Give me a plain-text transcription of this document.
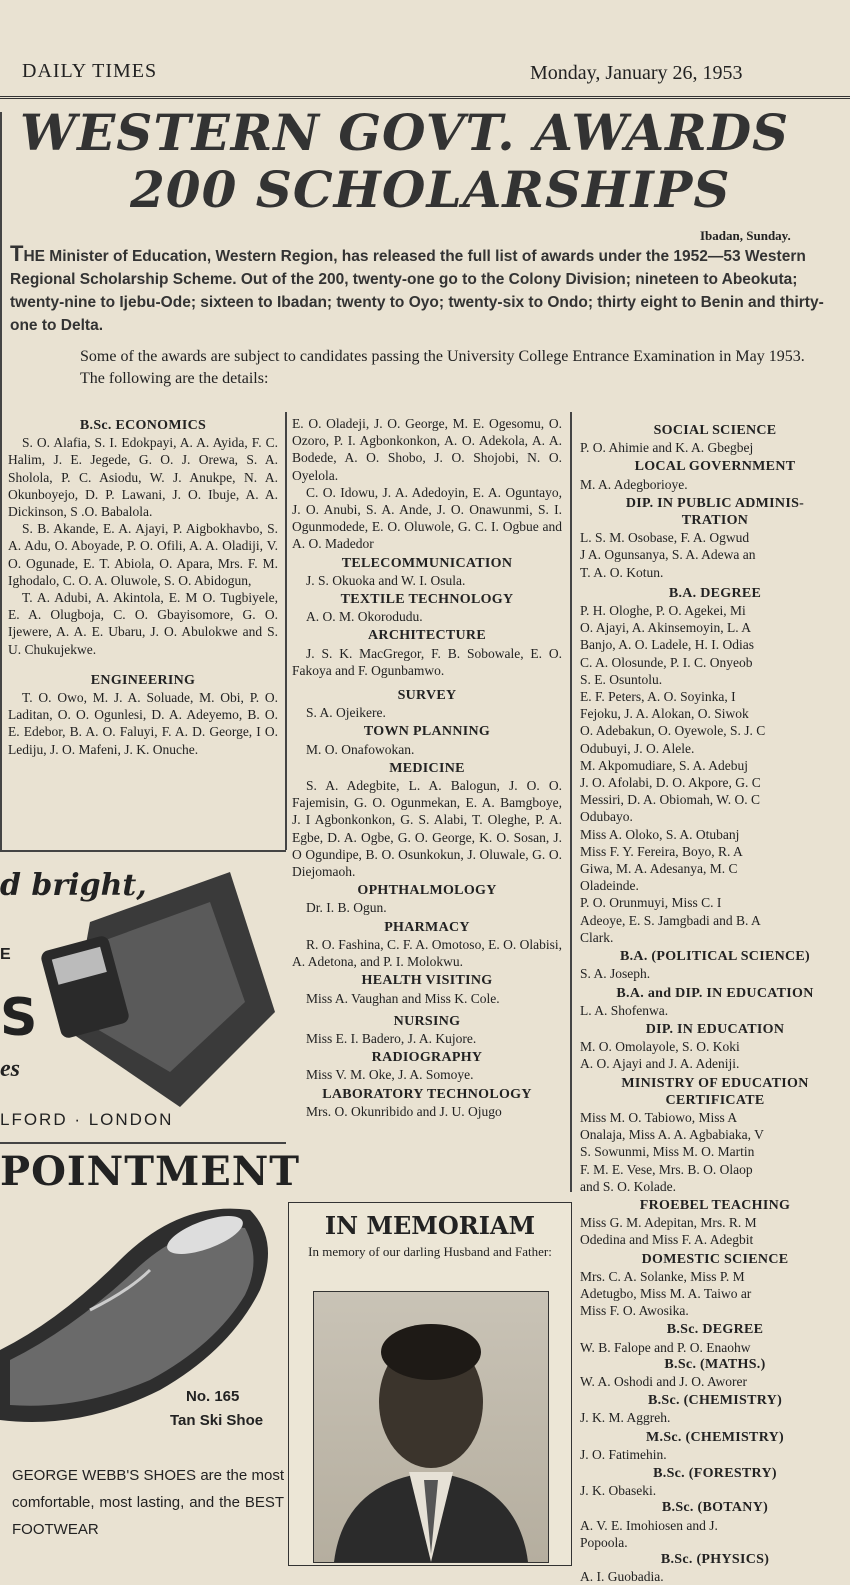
DAILY TIMES	Monday, January 26, 1953
WESTERN GOVT. AWARDS
200 SCHOLARSHIPS
Ibadan, Sunday.
THE Minister of Education, Western Region, has released the full list of awards under the 1952—53 Western Regional Scholarship Scheme. Out of the 200, twenty-one go to the Colony Division; nineteen to Abeokuta; twenty-nine to Ijebu-Ode; sixteen to Ibadan; twenty to Oyo; twenty-six to Ondo; thirty eight to Benin and thirty-one to Delta.
Some of the awards are subject to candidates passing the University College Entrance Examination in May 1953.
The following are the details:
B.Sc. ECONOMICS

S. O. Alafia, S. I. Edokpayi, A. A. Ayida, F. C. Halim, J. E. Jegede, G. O. J. Orewa, S. A. Sholola, P. C. Asiodu, W. J. Anukpe, N. A. Okunboyejo, D. P. Lawani, J. O. Ibuje, A. A. Dickinson, S .O. Babalola.

S. B. Akande, E. A. Ajayi, P. Aigbokhavbo, S. A. Adu, O. Aboyade, P. O. Ofili, A. A. Oladiji, V. O. Ogunade, E. T. Abiola, O. Apara, Mrs. F. M. Ighodalo, C. O. A. Oluwole, S. O. Abidogun,

T. A. Adubi, A. Akintola, E. M O. Tugbiyele, E. A. Olugboja, C. O. Gbayisomore, G. O. Ijewere, A. A. E. Ubaru, J. O. Abulokwe and S. U. Chukujekwe.

ENGINEERING

T. O. Owo, M. J. A. Soluade, M. Obi, P. O. Laditan, O. O. Ogunlesi, D. A. Adeyemo, B. O. E. Edebor, B. A. O. Faluyi, F. A. D. George, I O. Lediju, J. O. Mafeni, J. K. Onuche.

E. O. Oladeji, J. O. George, M. E. Ogesomu, O. Ozoro, P. I. Agbonkonkon, A. O. Adekola, A. A. Bodede, A. O. Shobo, J. O. Shojobi, N. O. Oyelola.

C. O. Idowu, J. A. Adedoyin, E. A. Oguntayo, J. O. Anubi, S. A. Ande, J. O. Onawunmi, S. I. Ogunmodede, E. O. Oluwole, G. C. I. Ogbue and A. O. Madedor

TELECOMMUNICATION

J. S. Okuoka and W. I. Osula.

TEXTILE TECHNOLOGY

A. O. M. Okorodudu.

ARCHITECTURE

J. S. K. MacGregor, F. B. Sobowale, E. O. Fakoya and F. Ogunbamwo.

SURVEY

S. A. Ojeikere.

TOWN PLANNING

M. O. Onafowokan.

MEDICINE

S. A. Adegbite, L. A. Balogun, J. O. O. Fajemisin, G. O. Ogunmekan, E. A. Bamgboye, J. I Agbonkonkon, G. S. Alabi, T. Oleghe, P. A. Egbe, D. A. Ogbe, G. O. George, K. O. Sosan, J. O Ogundipe, B. O. Osunkokun, J. Oluwale, G. O. Diejomaoh.

OPHTHALMOLOGY

Dr. I. B. Ogun.

PHARMACY

R. O. Fashina, C. F. A. Omotoso, E. O. Olabisi, A. Adetona, and P. I. Molokwu.

HEALTH VISITING

Miss A. Vaughan and Miss K. Cole.

NURSING

Miss E. I. Badero, J. A. Kujore.

RADIOGRAPHY

Miss V. M. Oke, J. A. Somoye.

LABORATORY TECHNOLOGY

Mrs. O. Okunribido and J. U. Ojugo

SOCIAL SCIENCE
P. O. Ahimie and K. A. Gbegbej
LOCAL GOVERNMENT
M. A. Adegborioye.
DIP. IN PUBLIC ADMINIS-
TRATION
L. S. M. Osobase, F. A. Ogwud
J A. Ogunsanya, S. A. Adewa an
T. A. O. Kotun.
B.A. DEGREE
P. H. Ologhe, P. O. Agekei, Mi
O. Ajayi, A. Akinsemoyin, L. A
Banjo, A. O. Ladele, H. I. Odias
C. A. Olosunde, P. I. C. Onyeob
S. E. Osuntolu.
E. F. Peters, A. O. Soyinka, I
Fejoku, J. A. Alokan, O. Siwok
O. Adebakun, O. Oyewole, S. J. C
Odubuyi, J. O. Alele.
M. Akpomudiare, S. A. Adebuj
J. O. Afolabi, D. O. Akpore, G. C
Messiri, D. A. Obiomah, W. O. C
Odubayo.
Miss A. Oloko, S. A. Otubanj
Miss F. Y. Fereira, Boyo, R. A
Giwa, M. A. Adesanya, M. C
Oladeinde.
P. O. Orunmuyi, Miss C. I
Adeoye, E. S. Jamgbadi and B. A
Clark.
B.A. (POLITICAL SCIENCE)
S. A. Joseph.
B.A. and DIP. IN EDUCATION
L. A. Shofenwa.
DIP. IN EDUCATION
M. O. Omolayole, S. O. Koki
A. O. Ajayi and J. A. Adeniji.
MINISTRY OF EDUCATION
CERTIFICATE
Miss M. O. Tabiowo, Miss A
Onalaja, Miss A. A. Agbabiaka, V
S. Sowunmi, Miss M. O. Martin
F. M. E. Vese, Mrs. B. O. Olaop
and S. O. Kolade.
FROEBEL TEACHING
Miss G. M. Adepitan, Mrs. R. M
Odedina and Miss F. A. Adegbit
DOMESTIC SCIENCE
Mrs. C. A. Solanke, Miss P. M
Adetugbo, Miss M. A. Taiwo ar
Miss F. O. Awosika.
B.Sc. DEGREE
W. B. Falope and P. O. Enaohw
B.Sc. (MATHS.)
W. A. Oshodi and J. O. Aworer
B.Sc. (CHEMISTRY)
J. K. M. Aggreh.
M.Sc. (CHEMISTRY)
J. O. Fatimehin.
B.Sc. (FORESTRY)
J. K. Obaseki.
B.Sc. (BOTANY)
A. V. E. Imohiosen and J.
Popoola.
B.Sc. (PHYSICS)
A. I. Guobadia.
d bright,
E
S
es
LFORD · LONDON
POINTMENT
No. 165
Tan Ski Shoe
GEORGE WEBB'S SHOES are the most comfortable, most lasting, and the BEST FOOTWEAR
IN MEMORIAM
In memory of our darling Husband and Father:
